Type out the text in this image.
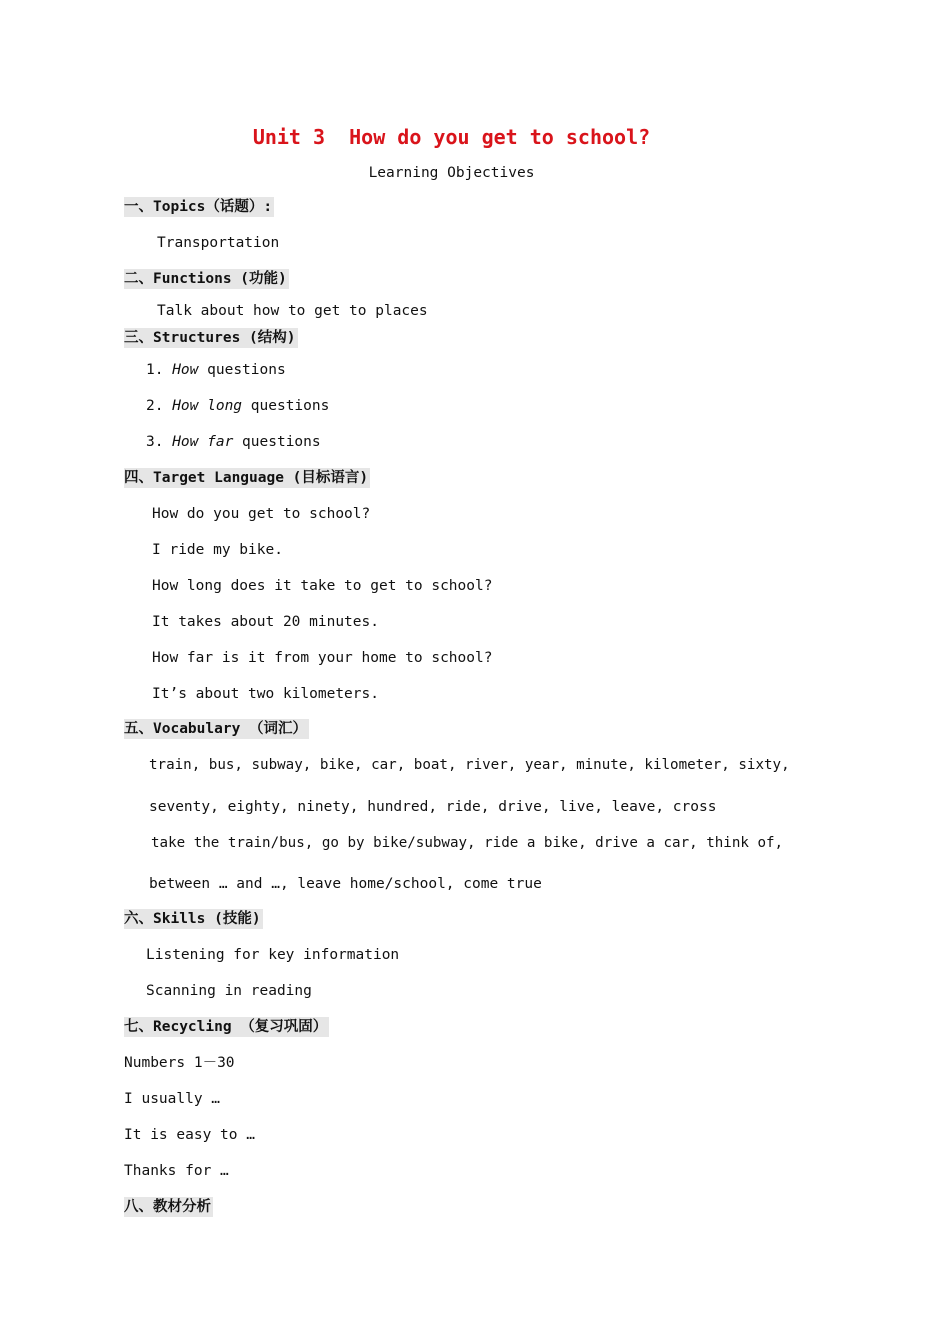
Unit 3  How do you get to school?
Learning Objectives
一、Topics（话题）:
Transportation
二、Functions (功能)
Talk about how to get to places
三、Structures (结构)
1. How questions
2. How long questions
3. How far questions
四、Target Language (目标语言)
How do you get to school?
I ride my bike.
How long does it take to get to school?
It takes about 20 minutes.
How far is it from your home to school?
It’s about two kilometers.
五、Vocabulary （词汇）
train, bus, subway, bike, car, boat, river, year, minute, kilometer, sixty,
seventy, eighty, ninety, hundred, ride, drive, live, leave, cross
take the train/bus, go by bike/subway, ride a bike, drive a car, think of,
between … and …, leave home/school, come true
六、Skills (技能)
Listening for key information
Scanning in reading
七、Recycling （复习巩固）
Numbers 1－30
I usually …
It is easy to …
Thanks for …
八、教材分析
